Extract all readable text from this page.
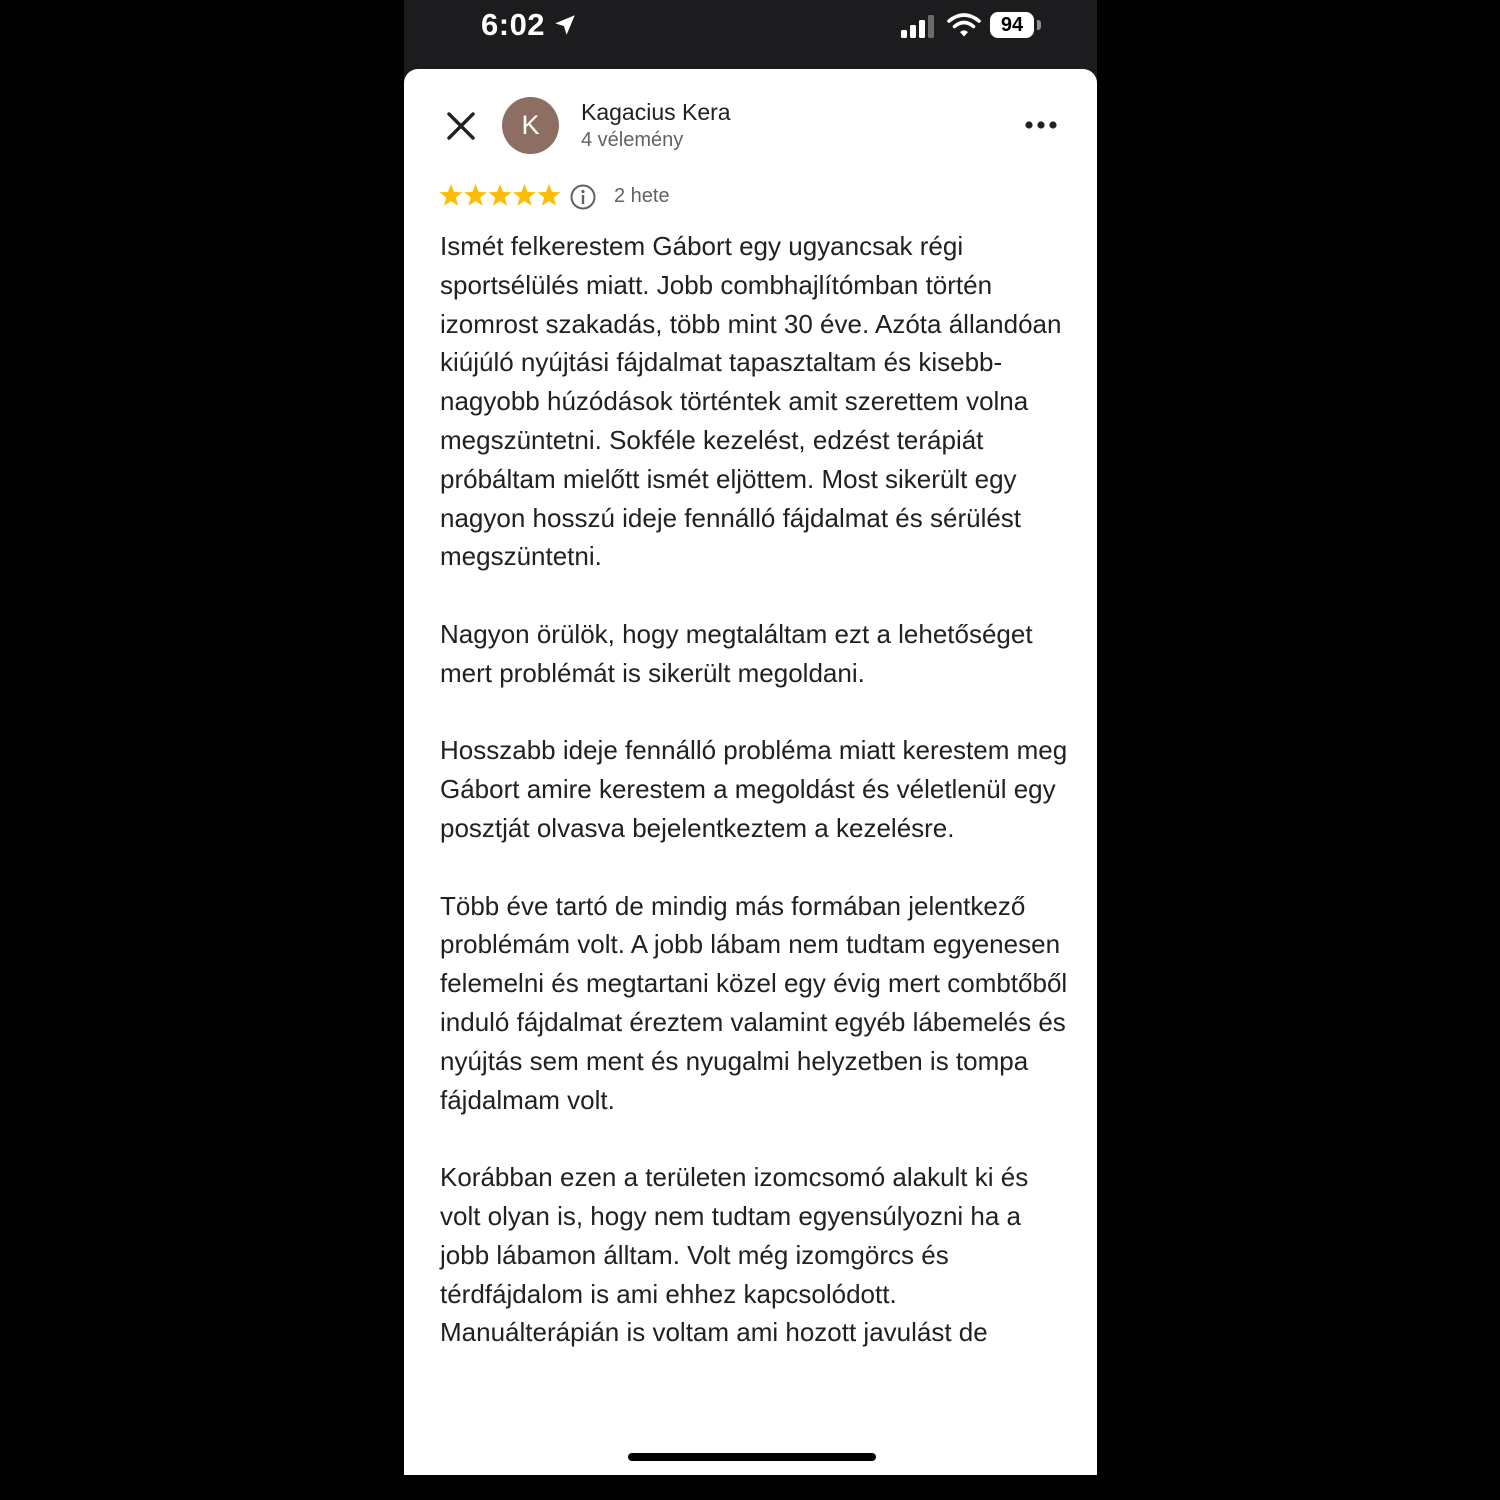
6:02	94
K	Kagacius Kera
4 vélemény
2 hete

Ismét felkerestem Gábort egy ugyancsak régi sportsélülés miatt. Jobb combhajlítómban történ izomrost szakadás, több mint 30 éve. Azóta állandóan kiújúló nyújtási fájdalmat tapasztaltam és kisebb-nagyobb húzódások történtek amit szerettem volna megszüntetni. Sokféle kezelést, edzést terápiát próbáltam mielőtt ismét eljöttem. Most sikerült egy nagyon hosszú ideje fennálló fájdalmat és sérülést megszüntetni.

Nagyon örülök, hogy megtaláltam ezt a lehetőséget mert problémát is sikerült megoldani.

Hosszabb ideje fennálló probléma miatt kerestem meg Gábort amire kerestem a megoldást és véletlenül egy posztját olvasva bejelentkeztem a kezelésre.

Több éve tartó de mindig más formában jelentkező problémám volt. A jobb lábam nem tudtam egyenesen felemelni és megtartani közel egy évig mert combtőből induló fájdalmat éreztem valamint egyéb lábemelés és nyújtás sem ment és nyugalmi helyzetben is tompa fájdalmam volt.

Korábban ezen a területen izomcsomó alakult ki és volt olyan is, hogy nem tudtam egyensúlyozni ha a jobb lábamon álltam. Volt még izomgörcs és térdfájdalom is ami ehhez kapcsolódott. Manuálterápián is voltam ami hozott javulást de
